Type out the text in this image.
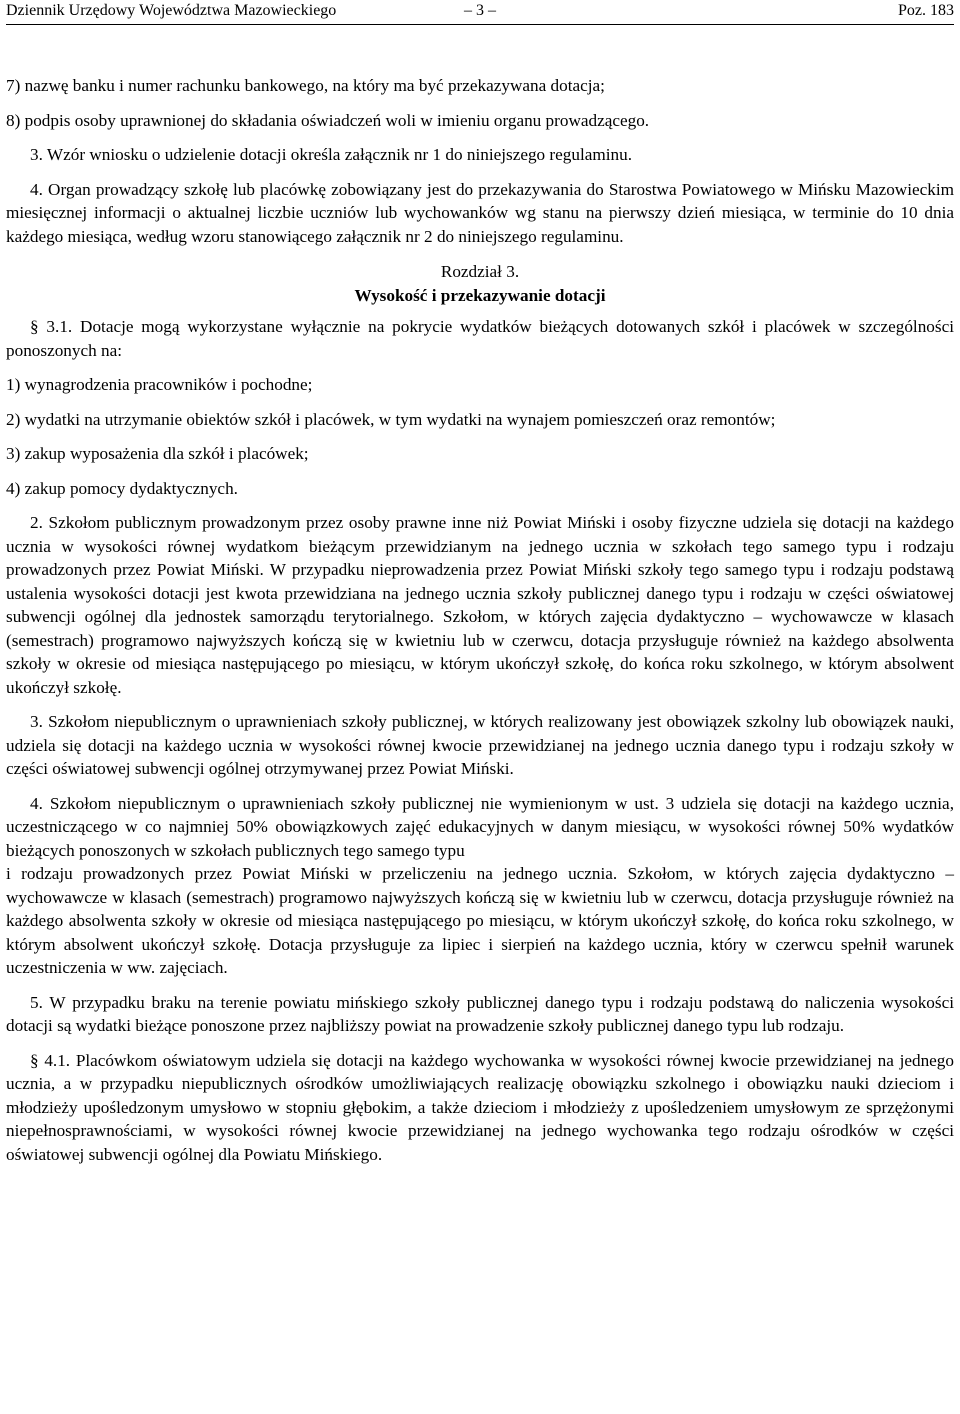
Dziennik Urzędowy Województwa Mazowieckiego	– 3 –	Poz. 183

7) nazwę banku i numer rachunku bankowego, na który ma być przekazywana dotacja;

8) podpis osoby uprawnionej do składania oświadczeń woli w imieniu organu prowadzącego.

3. Wzór wniosku o udzielenie dotacji określa załącznik nr 1 do niniejszego regulaminu.

4. Organ prowadzący szkołę lub placówkę zobowiązany jest do przekazywania do Starostwa Powiatowego w Mińsku Mazowieckim miesięcznej informacji o aktualnej liczbie uczniów lub wychowanków wg stanu na pierwszy dzień miesiąca, w terminie do 10 dnia każdego miesiąca, według wzoru stanowiącego załącznik nr 2 do niniejszego regulaminu.

Rozdział 3.

Wysokość i przekazywanie dotacji

§ 3.1. Dotacje mogą wykorzystane wyłącznie na pokrycie wydatków bieżących dotowanych szkół i placówek w szczególności ponoszonych na:

1) wynagrodzenia pracowników i pochodne;

2) wydatki na utrzymanie obiektów szkół i placówek, w tym wydatki na wynajem pomieszczeń oraz remontów;

3) zakup wyposażenia dla szkół i placówek;

4) zakup pomocy dydaktycznych.

2. Szkołom publicznym prowadzonym przez osoby prawne inne niż Powiat Miński i osoby fizyczne udziela się dotacji na każdego ucznia w wysokości równej wydatkom bieżącym przewidzianym na jednego ucznia w szkołach tego samego typu i rodzaju prowadzonych przez Powiat Miński. W przypadku nieprowadzenia przez Powiat Miński szkoły tego samego typu i rodzaju podstawą ustalenia wysokości dotacji jest kwota przewidziana na jednego ucznia szkoły publicznej danego typu i rodzaju w części oświatowej subwencji ogólnej dla jednostek samorządu terytorialnego. Szkołom, w których zajęcia dydaktyczno – wychowawcze w klasach (semestrach) programowo najwyższych kończą się w kwietniu lub w czerwcu, dotacja przysługuje również na każdego absolwenta szkoły w okresie od miesiąca następującego po miesiącu, w którym ukończył szkołę, do końca roku szkolnego, w którym absolwent ukończył szkołę.

3. Szkołom niepublicznym o uprawnieniach szkoły publicznej, w których realizowany jest obowiązek szkolny lub obowiązek nauki, udziela się dotacji na każdego ucznia w wysokości równej kwocie przewidzianej na jednego ucznia danego typu i rodzaju szkoły w części oświatowej subwencji ogólnej otrzymywanej przez Powiat Miński.

4. Szkołom niepublicznym o uprawnieniach szkoły publicznej nie wymienionym w ust. 3 udziela się dotacji na każdego ucznia, uczestniczącego w co najmniej 50% obowiązkowych zajęć edukacyjnych w danym miesiącu, w wysokości równej 50% wydatków bieżących ponoszonych w szkołach publicznych tego samego typu

i rodzaju prowadzonych przez Powiat Miński w przeliczeniu na jednego ucznia. Szkołom, w których zajęcia dydaktyczno – wychowawcze w klasach (semestrach) programowo najwyższych kończą się w kwietniu lub w czerwcu, dotacja przysługuje również na każdego absolwenta szkoły w okresie od miesiąca następującego po miesiącu, w którym ukończył szkołę, do końca roku szkolnego, w którym absolwent ukończył szkołę. Dotacja przysługuje za lipiec i sierpień na każdego ucznia, który w czerwcu spełnił warunek uczestniczenia w ww. zajęciach.

5. W przypadku braku na terenie powiatu mińskiego szkoły publicznej danego typu i rodzaju podstawą do naliczenia wysokości dotacji są wydatki bieżące ponoszone przez najbliższy powiat na prowadzenie szkoły publicznej danego typu lub rodzaju.

§ 4.1. Placówkom oświatowym udziela się dotacji na każdego wychowanka w wysokości równej kwocie przewidzianej na jednego ucznia, a w przypadku niepublicznych ośrodków umożliwiających realizację obowiązku szkolnego i obowiązku nauki dzieciom i młodzieży upośledzonym umysłowo w stopniu głębokim, a także dzieciom i młodzieży z upośledzeniem umysłowym ze sprzężonymi niepełnosprawnościami, w wysokości równej kwocie przewidzianej na jednego wychowanka tego rodzaju ośrodków w części oświatowej subwencji ogólnej dla Powiatu Mińskiego.
